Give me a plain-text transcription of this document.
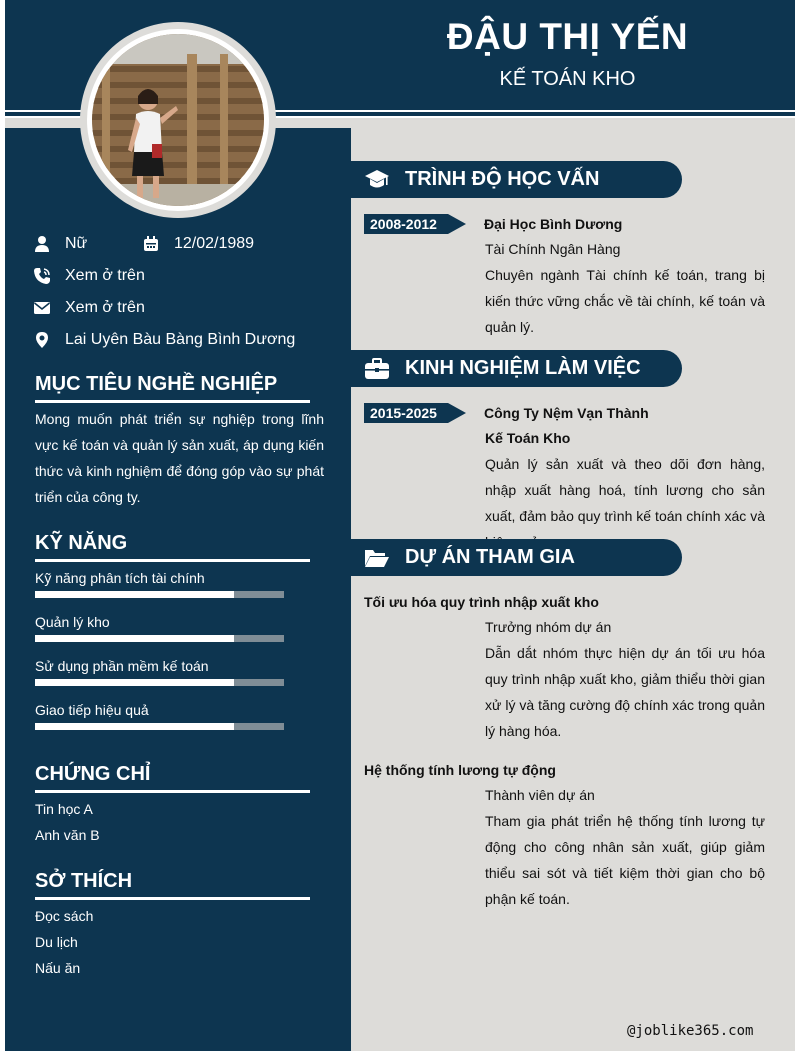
ĐẬU THỊ YẾN
KẾ TOÁN KHO
Nữ	12/02/1989
Xem ở trên
Xem ở trên
Lai Uyên Bàu Bàng Bình Dương
MỤC TIÊU NGHỀ NGHIỆP
Mong muốn phát triển sự nghiệp trong lĩnh vực kế toán và quản lý sản xuất, áp dụng kiến thức và kinh nghiệm để đóng góp vào sự phát triển của công ty.
KỸ NĂNG
Kỹ năng phân tích tài chính
Quản lý kho
Sử dụng phần mềm kế toán
Giao tiếp hiệu quả
CHỨNG CHỈ
Tin học A
Anh văn B
SỞ THÍCH
Đọc sách
Du lịch
Nấu ăn
TRÌNH ĐỘ HỌC VẤN
2008-2012	Đại Học Bình Dương
Tài Chính Ngân Hàng
Chuyên ngành Tài chính kế toán, trang bị kiến thức vững chắc về tài chính, kế toán và quản lý.
KINH NGHIỆM LÀM VIỆC
2015-2025	Công Ty Nệm Vạn Thành
Kế Toán Kho
Quản lý sản xuất và theo dõi đơn hàng, nhập xuất hàng hoá, tính lương cho sản xuất, đảm bảo quy trình kế toán chính xác và
DỰ ÁN THAM GIA
Tối ưu hóa quy trình nhập xuất kho
Trưởng nhóm dự án
Dẫn dắt nhóm thực hiện dự án tối ưu hóa quy trình nhập xuất kho, giảm thiểu thời gian xử lý và tăng cường độ chính xác trong quản lý hàng hóa.
Hệ thống tính lương tự động
Thành viên dự án
Tham gia phát triển hệ thống tính lương tự động cho công nhân sản xuất, giúp giảm thiểu sai sót và tiết kiệm thời gian cho bộ phận kế toán.
@joblike365.com
